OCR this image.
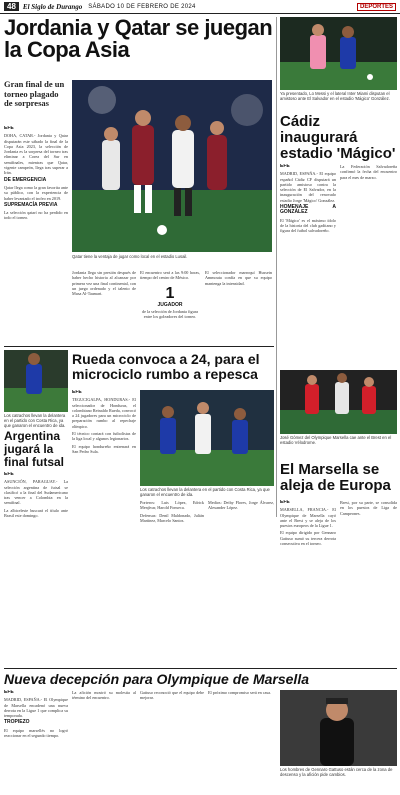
48	El Siglo de Durango SÁBADO 10 DE FEBRERO DE 2024	DEPORTES
Jordania y Qatar se juegan la Copa Asia
Gran final de un torneo plagado de sorpresas
EFE

DOHA, CATAR.- Jordania y Qatar disputarán este sábado la final de la Copa Asia 2023, la selección de Jordania es la sorpresa del torneo tras eliminar a Corea del Sur en semifinales, mientras que Qatar, vigente campeón, llega tras superar a Irán.

DE EMERGENCIA

Qatar llega como la gran favorita ante su público, con la experiencia de haber levantado el trofeo en 2019.

SUPREMACÍA PREVIA

La selección qatarí no ha perdido en todo el torneo.

Qatar tiene la ventaja de jugar como local en el estadio Lusail.
Jordania llega sin presión después de haber hecho historia al alcanzar por primera vez una final continental, con un juego ordenado y el talento de Musa Al-Taamari.	1
JUGADOR
de la selección de Jordania figura entre los goleadores del torneo.
El encuentro será a las 9:00 horas, tiempo del centro de México.
El seleccionador marroquí Hussein Ammouta confía en que su equipo mantenga la intensidad.
Ya presentado, Lo Messi y el lateral Inter Miami disputan el amistoso ante El Salvador en el estadio 'Mágico' González.
Cádiz inaugurará estadio 'Mágico'
EFE

MADRID, ESPAÑA.- El equipo español Cádiz CF disputará un partido amistoso contra la selección de El Salvador, en la inauguración del renovado estadio Jorge 'Mágico' González.

HOMENAJE A GONZÁLEZ

El 'Mágico' es el máximo ídolo de la historia del club gaditano y figura del futbol salvadoreño.

La Federación Salvadoreña confirmó la fecha del encuentro para el mes de marzo.
José Gómez del Olympique Marsella cae ante el Brest en el estadio Vélodrome.
El Marsella se aleja de Europa
EFE

MARSELLA, FRANCIA.- El Olympique de Marsella cayó ante el Brest y se aleja de los puestos europeos de la Ligue 1.

El equipo dirigido por Gennaro Gattuso sumó su tercera derrota consecutiva en el torneo.

Brest, por su parte, se consolida en los puestos de Liga de Campeones.
Los catrachos llevan la delantera en el partido con Costa Rica, ya que ganaron el encuentro de ida.
Argentina jugará la final futsal
EFE

ASUNCIÓN, PARAGUAY.- La selección argentina de futsal se clasificó a la final del Sudamericano tras vencer a Colombia en la semifinal.

La albiceleste buscará el título ante Brasil este domingo.

Rueda convoca a 24, para el microciclo rumbo a repesca
EFE

TEGUCIGALPA, HONDURAS.- El seleccionador de Honduras, el colombiano Reinaldo Rueda, convocó a 24 jugadores para un microciclo de preparación rumbo al repechaje olímpico.

El técnico contará con futbolistas de la liga local y algunos legionarios.

El equipo hondureño entrenará en San Pedro Sula.

Los catrachos llevan la delantera en el partido con Costa Rica, ya que ganaron el encuentro de ida.

Porteros: Luis López, Edrick Menjívar, Harold Fonseca.

Defensas: Denil Maldonado, Julián Martínez, Marcelo Santos.

Medios: Deiby Flores, Jorge Álvarez, Alexander López.
Nueva decepción para Olympique de Marsella
EFE

MADRID, ESPAÑA.- El Olympique de Marsella encadenó una nueva derrota en la Ligue 1 que complica su temporada.

TROPIEZO

El equipo marsellés no logró reaccionar en el segundo tiempo.

La afición mostró su molestia al término del encuentro.
Gattuso reconoció que el equipo debe mejorar.
El próximo compromiso será en casa.
Los hombres de Gennaro Gattuso están cerca de la zona de descenso y la afición pide cambios.
